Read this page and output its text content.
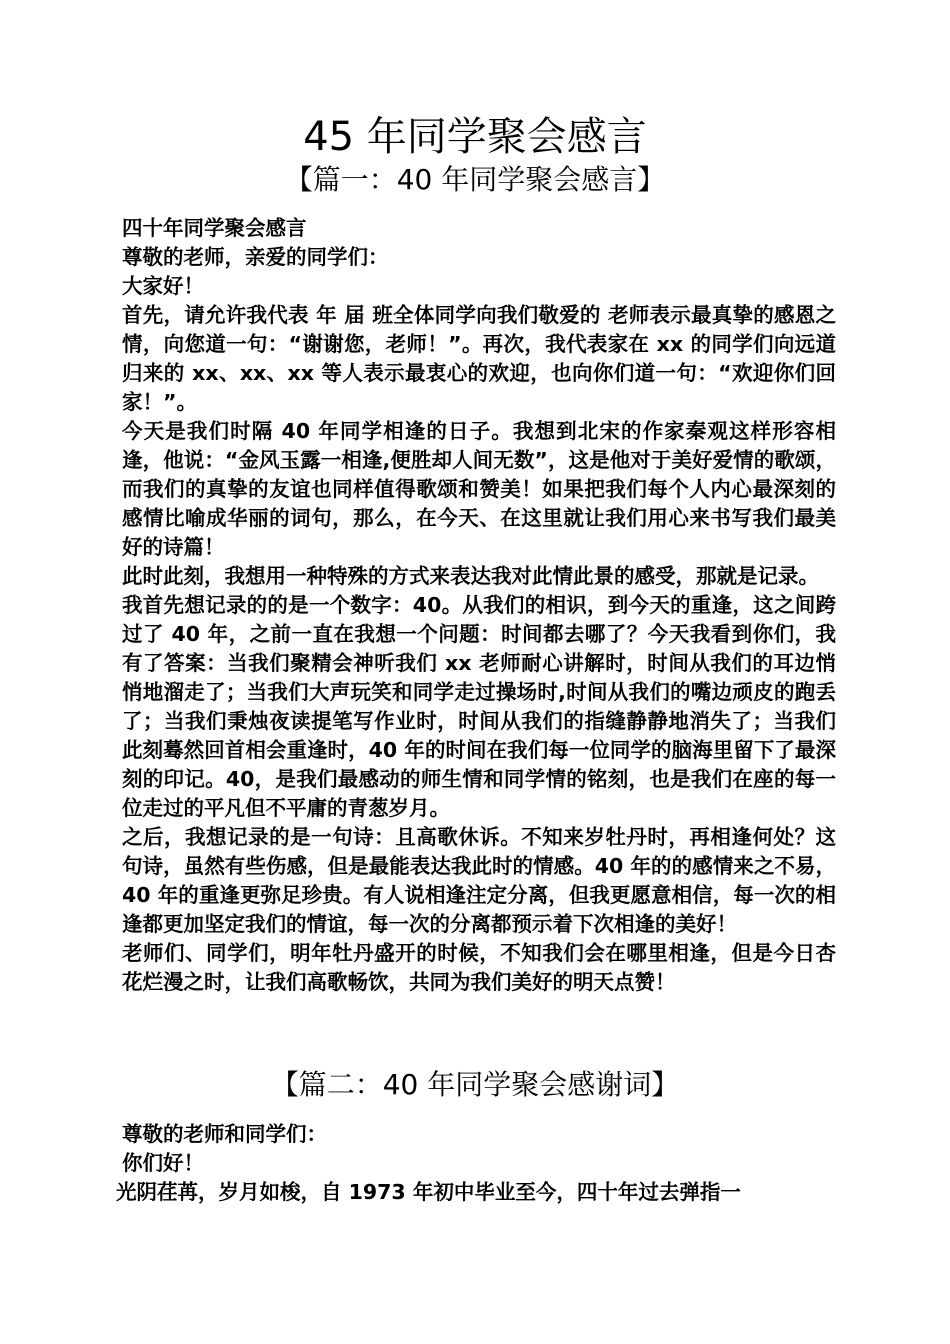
45 年同学聚会感言
【篇一：40 年同学聚会感言】

四十年同学聚会感言

尊敬的老师，亲爱的同学们：

大家好！

首先，请允许我代表 年 届 班全体同学向我们敬爱的 老师表示最真挚的感恩之情，向您道一句：“谢谢您，老师！”。再次，我代表家在 xx 的同学们向远道归来的 xx、xx、xx 等人表示最衷心的欢迎，也向你们道一句：“欢迎你们回家！”。

今天是我们时隔 40 年同学相逢的日子。我想到北宋的作家秦观这样形容相逢，他说：“金风玉露一相逢,便胜却人间无数”，这是他对于美好爱情的歌颂，而我们的真挚的友谊也同样值得歌颂和赞美！如果把我们每个人内心最深刻的感情比喻成华丽的词句，那么，在今天、在这里就让我们用心来书写我们最美好的诗篇！

此时此刻，我想用一种特殊的方式来表达我对此情此景的感受，那就是记录。

我首先想记录的的是一个数字：40。从我们的相识，到今天的重逢，这之间跨过了 40 年，之前一直在我想一个问题：时间都去哪了？今天我看到你们，我有了答案：当我们聚精会神听我们 xx 老师耐心讲解时，时间从我们的耳边悄悄地溜走了；当我们大声玩笑和同学走过操场时,时间从我们的嘴边顽皮的跑丢了；当我们秉烛夜读提笔写作业时，时间从我们的指缝静静地消失了；当我们此刻蓦然回首相会重逢时，40 年的时间在我们每一位同学的脑海里留下了最深刻的印记。40，是我们最感动的师生情和同学情的铭刻，也是我们在座的每一位走过的平凡但不平庸的青葱岁月。

之后，我想记录的是一句诗：且高歌休诉。不知来岁牡丹时，再相逢何处？这句诗，虽然有些伤感，但是最能表达我此时的情感。40 年的的感情来之不易，40 年的重逢更弥足珍贵。有人说相逢注定分离，但我更愿意相信，每一次的相逢都更加坚定我们的情谊，每一次的分离都预示着下次相逢的美好！

老师们、同学们，明年牡丹盛开的时候，不知我们会在哪里相逢，但是今日杏花烂漫之时，让我们高歌畅饮，共同为我们美好的明天点赞！

【篇二：40 年同学聚会感谢词】

尊敬的老师和同学们：

你们好！

光阴荏苒，岁月如梭，自 1973 年初中毕业至今，四十年过去弹指一
